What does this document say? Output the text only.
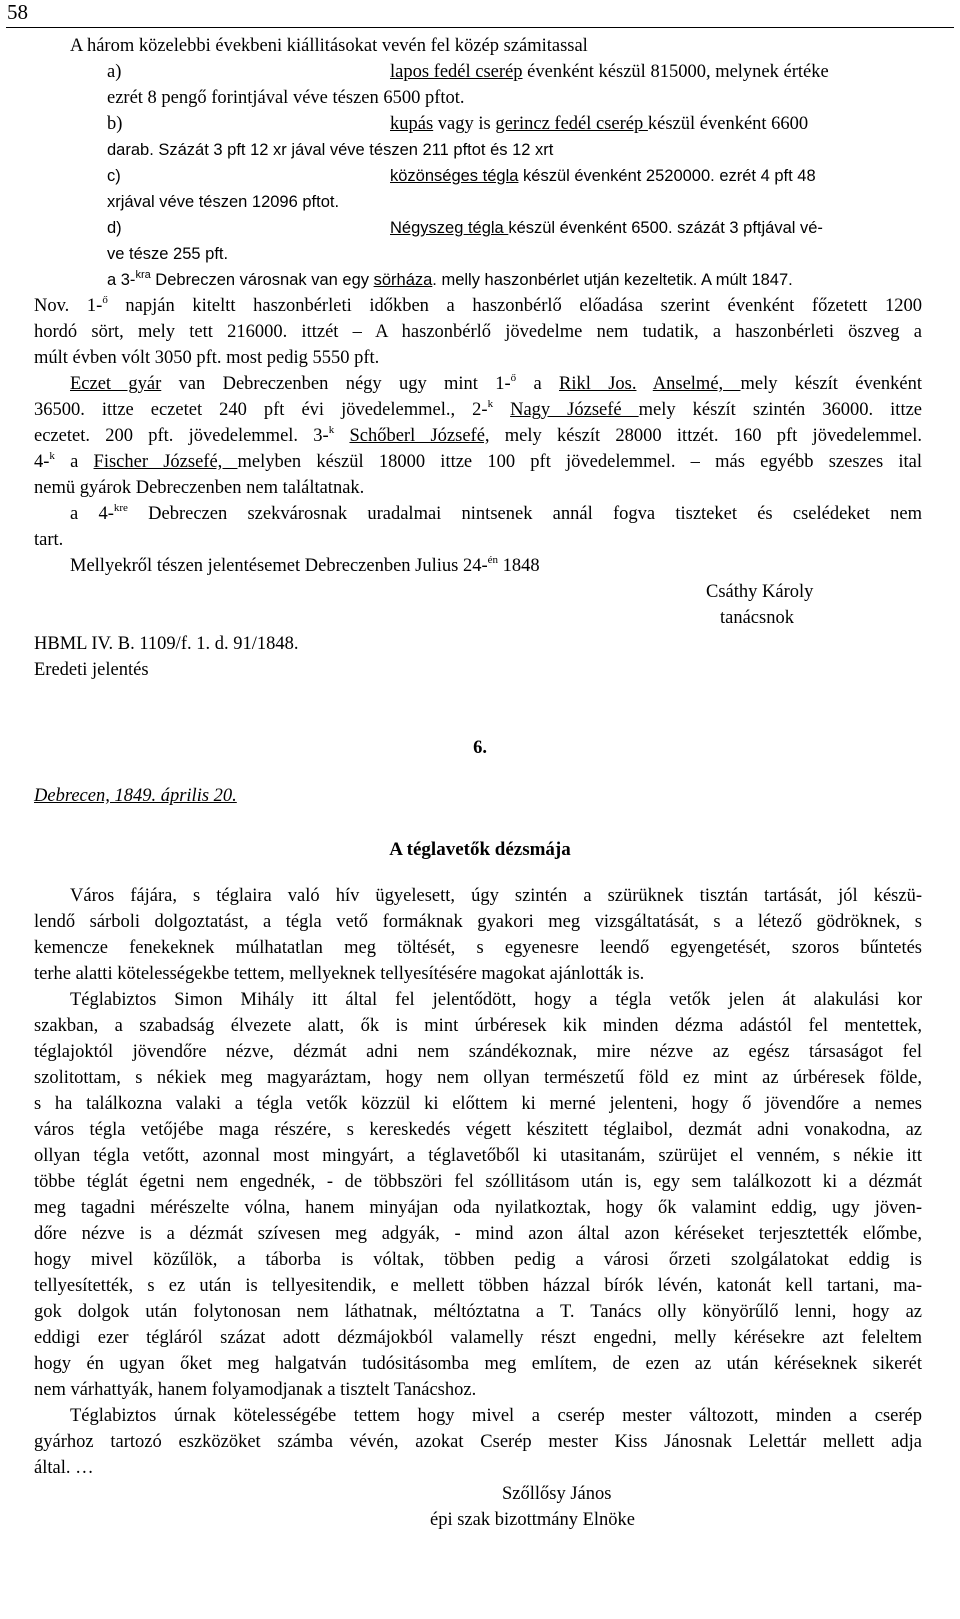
58
A három közelebbi évekbeni kiállitásokat vevén fel közép számitassal
a)	lapos fedél cserép évenként készül 815000, melynek értéke
ezrét 8 pengő forintjával véve tészen 6500 pftot.
b)	kupás vagy is gerincz fedél cserép készül évenként 6600
darab. Százát 3 pft 12 xr jával véve tészen 211 pftot és 12 xrt
c)	közönséges tégla készül évenként 2520000. ezrét 4 pft 48
xrjával véve tészen 12096 pftot.
d)	Négyszeg tégla készül évenként 6500. százát 3 pftjával vé-
ve tésze 255 pft.
a 3-$^{kra}$ Debreczen városnak van egy sörháza. melly haszonbérlet utján kezeltetik. A múlt 1847.
Nov. 1-$^ő$ napján kiteltt haszonbérleti időkben a haszonbérlő előadása szerint évenként főzetett 1200
hordó sört, mely tett 216000. ittzét – A haszonbérlő jövedelme nem tudatik, a haszonbérleti öszveg a
múlt évben vólt 3050 pft. most pedig 5550 pft.
Eczet gyár van Debreczenben négy ugy mint 1-$^ő$ a Rikl Jos. Anselmé, mely készít évenként
36500. ittze eczetet 240 pft évi jövedelemmel., 2-$^k$ Nagy Józsefé mely készít szintén 36000. ittze
eczetet. 200 pft. jövedelemmel. 3-$^k$ Schőberl Józsefé, mely készít 28000 ittzét. 160 pft jövedelemmel.
4-$^k$ a Fischer Józsefé, melyben készül 18000 ittze 100 pft jövedelemmel. – más egyébb szeszes ital
nemü gyárok Debreczenben nem találtatnak.
a 4-$^{kre}$ Debreczen szekvárosnak uradalmai nintsenek annál fogva tiszteket és cselédeket nem
tart.
Mellyekről tészen jelentésemet Debreczenben Julius 24-$^{én}$ 1848
Csáthy Károly
tanácsnok
HBML IV. B. 1109/f. 1. d. 91/1848.
Eredeti jelentés
6.
Debrecen, 1849. április 20.
A téglavetők dézsmája
Város fájára, s téglaira való hív ügyelesett, úgy szintén a szürüknek tisztán tartását, jól készü-
lendő sárboli dolgoztatást, a tégla vető formáknak gyakori meg vizsgáltatását, s a létező gödröknek, s
kemencze fenekeknek múlhatatlan meg töltését, s egyenesre leendő egyengetését, szoros bűntetés
terhe alatti kötelességekbe tettem, mellyeknek tellyesítésére magokat ajánlották is.
Téglabiztos Simon Mihály itt által fel jelentődött, hogy a tégla vetők jelen át alakulási kor
szakban, a szabadság élvezete alatt, ők is mint úrbéresek kik minden dézma adástól fel mentettek,
téglajoktól jövendőre nézve, dézmát adni nem szándékoznak, mire nézve az egész társaságot fel
szolitottam, s nékiek meg magyaráztam, hogy nem ollyan természetű föld ez mint az úrbéresek földe,
s ha találkozna valaki a tégla vetők közzül ki előttem ki merné jelenteni, hogy ő jövendőre a nemes
város tégla vetőjébe maga részére, s kereskedés végett készitett téglaibol, dezmát adni vonakodna, az
ollyan tégla vetőtt, azonnal most mingyárt, a téglavetőből ki utasitanám, szürüjet el venném, s nékie itt
többe téglát égetni nem engednék, - de többszöri fel szóllitásom után is, egy sem találkozott ki a dézmát
meg tagadni mérészelte vólna, hanem minyájan oda nyilatkoztak, hogy ők valamint eddig, ugy jöven-
dőre nézve is a dézmát szívesen meg adgyák, - mind azon által azon kéréseket terjesztették előmbe,
hogy mivel közűlök, a táborba is vóltak, többen pedig a városi őrzeti szolgálatokat eddig is
tellyesítették, s ez után is tellyesitendik, e mellett többen házzal bírók lévén, katonát kell tartani, ma-
gok dolgok után folytonosan nem láthatnak, méltóztatna a T. Tanács olly könyörűlő lenni, hogy az
eddigi ezer tégláról százat adott dézmájokból valamelly részt engedni, melly kérésekre azt feleltem
hogy én ugyan őket meg halgatván tudósitásomba meg említem, de ezen az után kéréseknek sikerét
nem várhattyák, hanem folyamodjanak a tisztelt Tanácshoz.
Téglabiztos úrnak kötelességébe tettem hogy mivel a cserép mester változott, minden a cserép
gyárhoz tartozó eszközöket számba vévén, azokat Cserép mester Kiss Jánosnak Lelettár mellett adja
által. …
Szőllősy János
épi szak bizottmány Elnöke
